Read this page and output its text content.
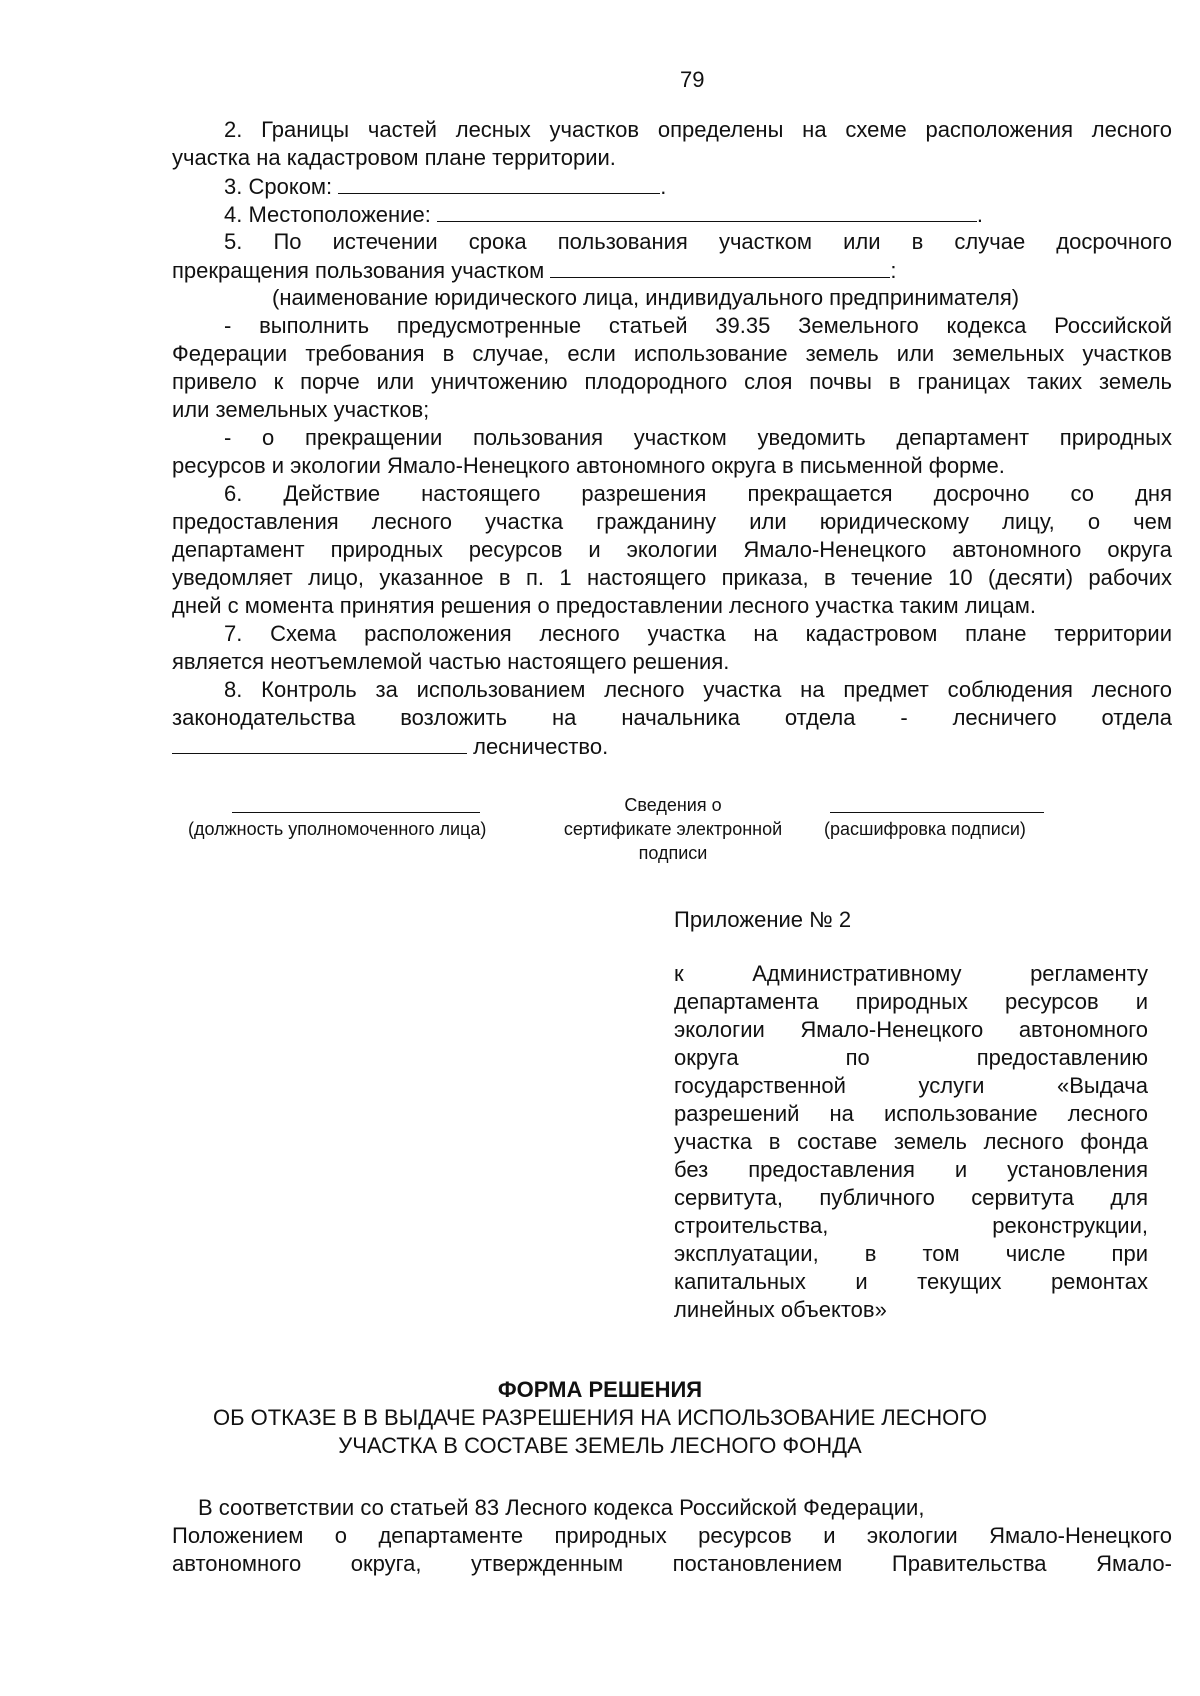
79
2. Границы частей лесных участков определены на схеме расположения лесного
участка на кадастровом плане территории.
3. Сроком:	.
4. Местоположение:	.
5. По истечении срока пользования участком или в случае досрочного
прекращения пользования участком	:
(наименование юридического лица, индивидуального предпринимателя)
- выполнить предусмотренные статьей 39.35 Земельного кодекса Российской
Федерации требования в случае, если использование земель или земельных участков
привело к порче или уничтожению плодородного слоя почвы в границах таких земель
или земельных участков;
- о прекращении пользования участком уведомить департамент природных
ресурсов и экологии Ямало-Ненецкого автономного округа в письменной форме.
6. Действие настоящего разрешения прекращается досрочно со дня
предоставления лесного участка гражданину или юридическому лицу, о чем
департамент природных ресурсов и экологии Ямало-Ненецкого автономного округа
уведомляет лицо, указанное в п. 1 настоящего приказа, в течение 10 (десяти) рабочих
дней с момента принятия решения о предоставлении лесного участка таким лицам.
7. Схема расположения лесного участка на кадастровом плане территории
является неотъемлемой частью настоящего решения.
8. Контроль за использованием лесного участка на предмет соблюдения лесного
законодательства возложить на начальника отдела - лесничего отдела
лесничество.
(должность уполномоченного лица)
Сведения о
сертификате электронной
подписи
(расшифровка подписи)
Приложение № 2
к Административному регламенту
департамента природных ресурсов и
экологии Ямало-Ненецкого автономного
округа по предоставлению
государственной услуги «Выдача
разрешений на использование лесного
участка в составе земель лесного фонда
без предоставления и установления
сервитута, публичного сервитута для
строительства, реконструкции,
эксплуатации, в том числе при
капитальных и текущих ремонтах
линейных объектов»
ФОРМА РЕШЕНИЯ
ОБ ОТКАЗЕ В В ВЫДАЧЕ РАЗРЕШЕНИЯ НА ИСПОЛЬЗОВАНИЕ ЛЕСНОГО
УЧАСТКА В СОСТАВЕ ЗЕМЕЛЬ ЛЕСНОГО ФОНДА
В соответствии со статьей 83 Лесного кодекса Российской Федерации,
Положением о департаменте природных ресурсов и экологии Ямало-Ненецкого
автономного округа, утвержденным постановлением Правительства Ямало-
